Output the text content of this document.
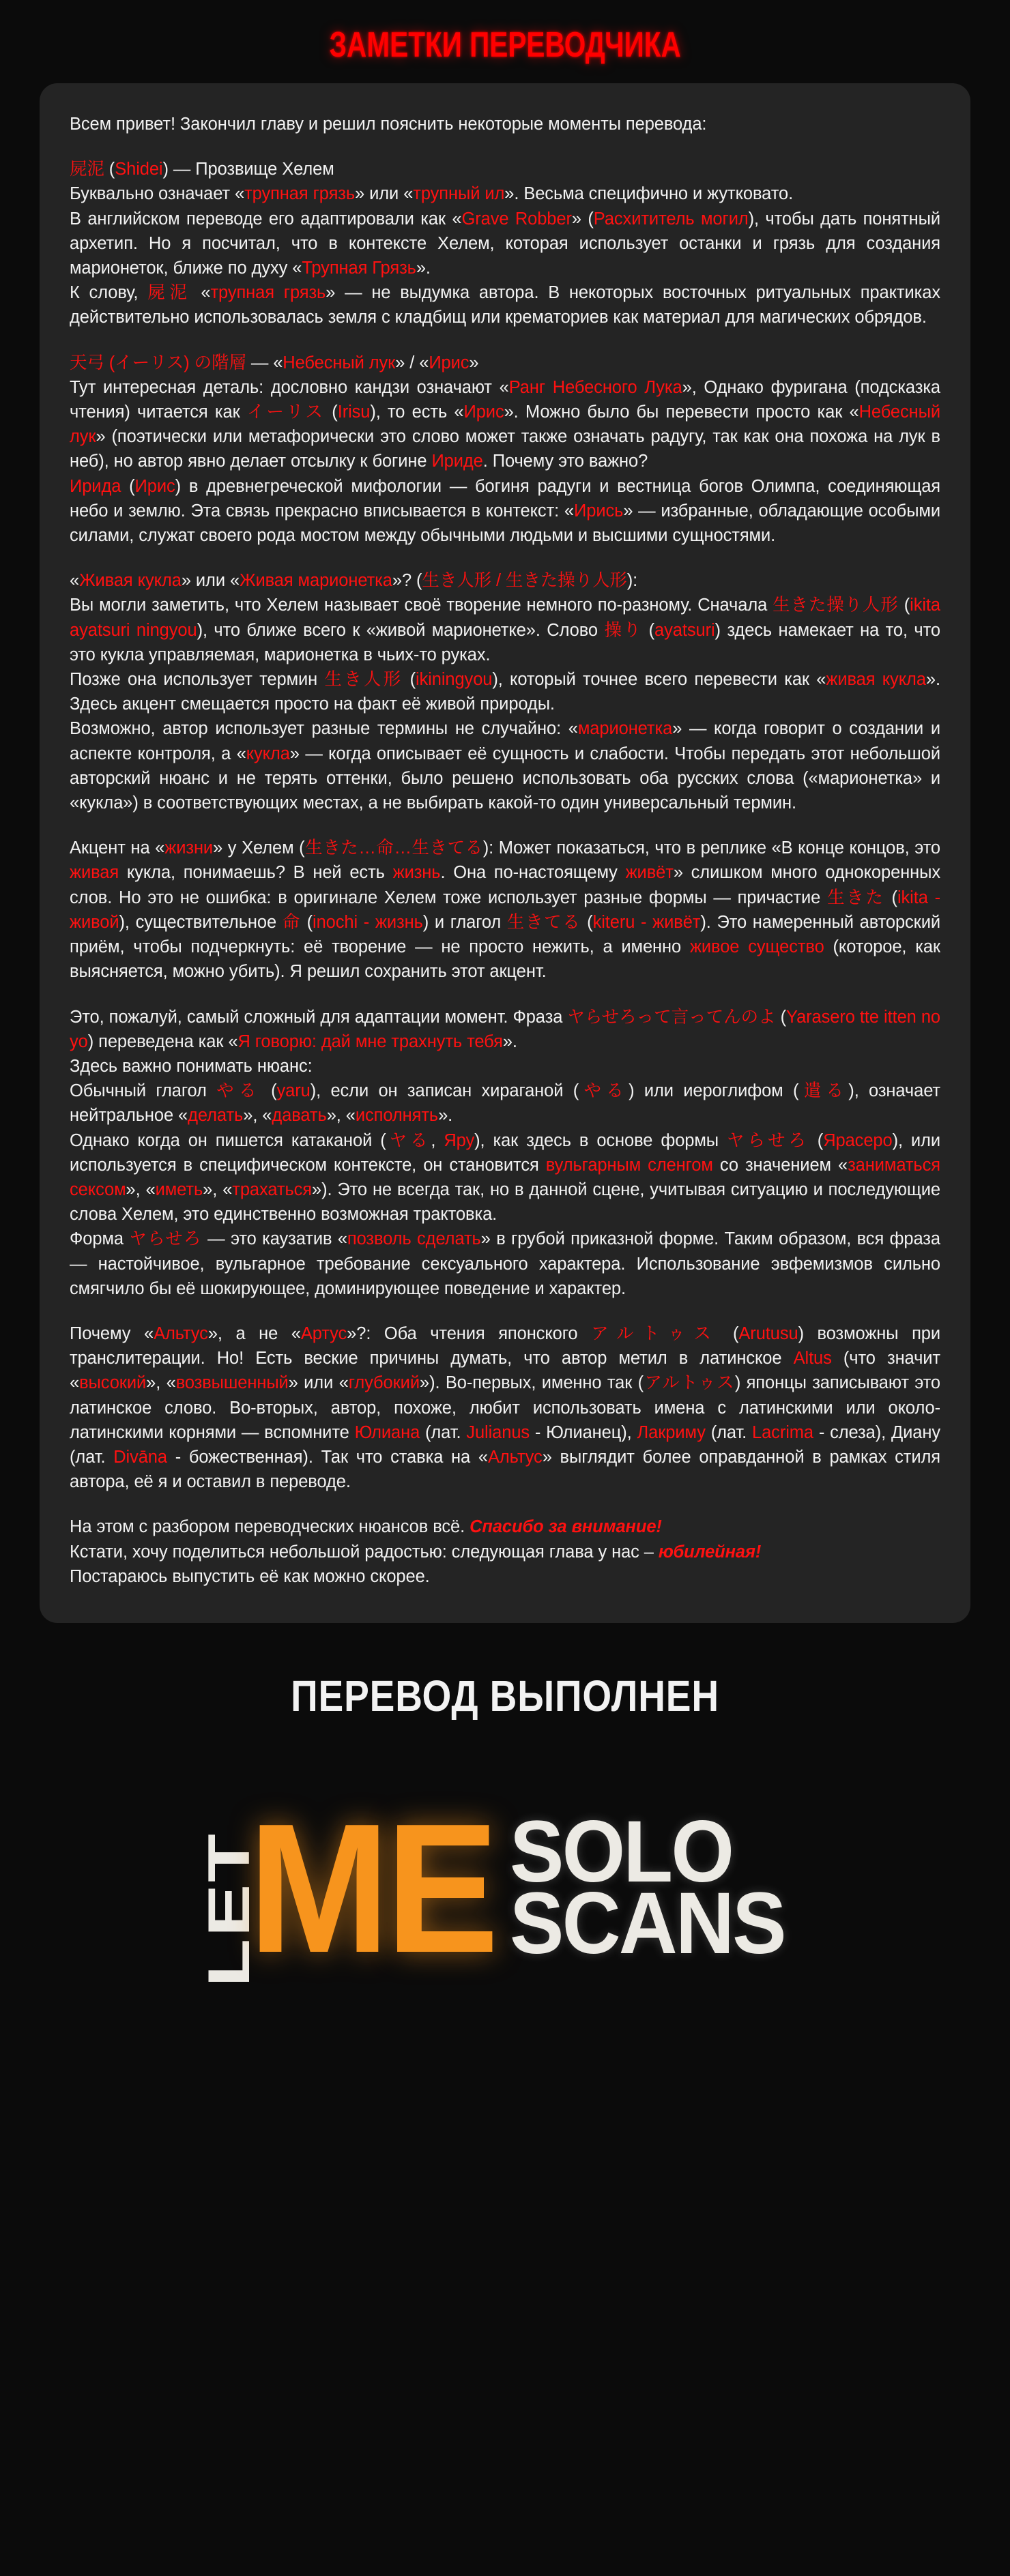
ЗАМЕТКИ ПЕРЕВОДЧИКА

Всем привет! Закончил главу и решил пояснить некоторые моменты перевода:

屍泥 (Shidei) — Прозвище Хелем

Буквально означает «трупная грязь» или «трупный ил». Весьма специфично и жутковато.

В английском переводе его адаптировали как «Grave Robber» (Расхититель могил), чтобы дать понятный архетип. Но я посчитал, что в контексте Хелем, которая использует останки и грязь для создания марионеток, ближе по духу «Трупная Грязь».

К слову, 屍泥 «трупная грязь» — не выдумка автора. В некоторых восточных ритуальных практиках действительно использовалась земля с кладбищ или крематориев как материал для магических обрядов.

天弓 (イーリス) の階層 — «Небесный лук» / «Ирис»

Тут интересная деталь: дословно кандзи означают «Ранг Небесного Лука», Однако фуригана (подсказка чтения) читается как イーリス (Irisu), то есть «Ирис». Можно было бы перевести просто как «Небесный лук» (поэтически или метафорически это слово может также означать радугу, так как она похожа на лук в неб), но автор явно делает отсылку к богине Ириде. Почему это важно?

Ирида (Ирис) в древнегреческой мифологии — богиня радуги и вестница богов Олимпа, соединяющая небо и землю. Эта связь прекрасно вписывается в контекст: «Ирись» — избранные, обладающие особыми силами, служат своего рода мостом между обычными людьми и высшими сущностями.

«Живая кукла» или «Живая марионетка»? (生き人形 / 生きた操り人形):

Вы могли заметить, что Хелем называет своё творение немного по-разному. Сначала 生きた操り人形 (ikita ayatsuri ningyou), что ближе всего к «живой марионетке». Слово 操り (ayatsuri) здесь намекает на то, что это кукла управляемая, марионетка в чьих-то руках.

Позже она использует термин 生き人形 (ikiningyou), который точнее всего перевести как «живая кукла». Здесь акцент смещается просто на факт её живой природы.

Возможно, автор использует разные термины не случайно: «марионетка» — когда говорит о создании и аспекте контроля, а «кукла» — когда описывает её сущность и слабости. Чтобы передать этот небольшой авторский нюанс и не терять оттенки, было решено использовать оба русских слова («марионетка» и «кукла») в соответствующих местах, а не выбирать какой-то один универсальный термин.

Акцент на «жизни» у Хелем (生きた…命…生きてる): Может показаться, что в реплике «В конце концов, это живая кукла, понимаешь? В ней есть жизнь. Она по-настоящему живёт» слишком много однокоренных слов. Но это не ошибка: в оригинале Хелем тоже использует разные формы — причастие 生きた (ikita - живой), существительное 命 (inochi - жизнь) и глагол 生きてる (kiteru - живёт). Это намеренный авторский приём, чтобы подчеркнуть: её творение — не просто нежить, а именно живое существо (которое, как выясняется, можно убить). Я решил сохранить этот акцент.

Это, пожалуй, самый сложный для адаптации момент. Фраза ヤらせろって言ってんのよ (Yarasero tte itten no yo) переведена как «Я говорю: дай мне трахнуть тебя».

Здесь важно понимать нюанс:

Обычный глагол やる (yaru), если он записан хираганой (やる) или иероглифом (遣る), означает нейтральное «делать», «давать», «исполнять».

Однако когда он пишется катаканой (ヤる, Яру), как здесь в основе формы ヤらせろ (Ярасеро), или используется в специфическом контексте, он становится вульгарным сленгом со значением «заниматься сексом», «иметь», «трахаться»). Это не всегда так, но в данной сцене, учитывая ситуацию и последующие слова Хелем, это единственно возможная трактовка.

Форма ヤらせろ — это каузатив «позволь сделать» в грубой приказной форме. Таким образом, вся фраза — настойчивое, вульгарное требование сексуального характера. Использование эвфемизмов сильно смягчило бы её шокирующее, доминирующее поведение и характер.

Почему «Альтус», а не «Артус»?: Оба чтения японского アルトゥス (Arutusu) возможны при транслитерации. Но! Есть веские причины думать, что автор метил в латинское Altus (что значит «высокий», «возвышенный» или «глубокий»). Во-первых, именно так (アルトゥス) японцы записывают это латинское слово. Во-вторых, автор, похоже, любит использовать имена с латинскими или около-латинскими корнями — вспомните Юлиана (лат. Julianus - Юлианец), Лакриму (лат. Lacrima - слеза), Диану (лат. Divāna - божественная). Так что ставка на «Альтус» выглядит более оправданной в рамках стиля автора, её я и оставил в переводе.

На этом с разбором переводческих нюансов всё. Спасибо за внимание!

Кстати, хочу поделиться небольшой радостью: следующая глава у нас – юбилейная!

Постараюсь выпустить её как можно скорее.

ПЕРЕВОД ВЫПОЛНЕН
LET
ME SOLO
SCANS
